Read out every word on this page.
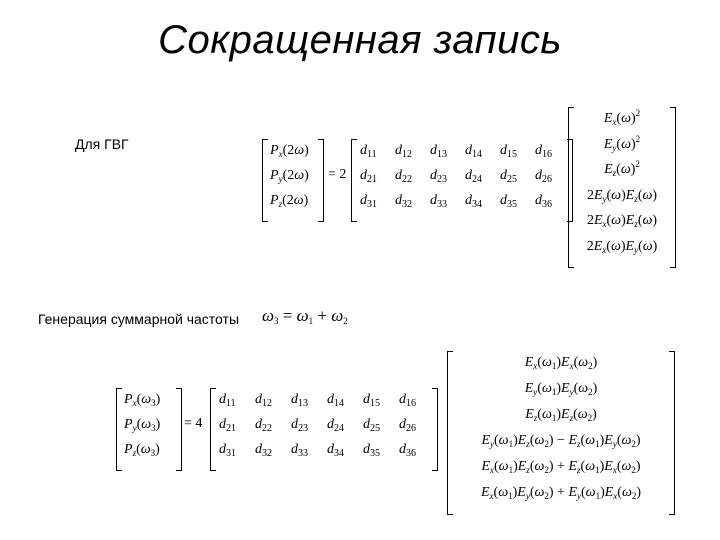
Сокращенная запись
Для ГВГ
Генерация суммарной частоты
$P_x(2\omega)$
$P_y(2\omega)$
$P_z(2\omega)$
= 2
$d_{11}$ $d_{12}$ $d_{13}$ $d_{14}$ $d_{15}$ $d_{16}$
$d_{21}$ $d_{22}$ $d_{23}$ $d_{24}$ $d_{25}$ $d_{26}$
$d_{31}$ $d_{32}$ $d_{33}$ $d_{34}$ $d_{35}$ $d_{36}$
$E_x(\omega)^2$
$E_y(\omega)^2$
$E_z(\omega)^2$
$2E_y(\omega)E_z(\omega)$
$2E_x(\omega)E_z(\omega)$
$2E_x(\omega)E_y(\omega)$
$P_x(\omega_3)$
$P_y(\omega_3)$
$P_z(\omega_3)$
= 4
$d_{11}$ $d_{12}$ $d_{13}$ $d_{14}$ $d_{15}$ $d_{16}$
$d_{21}$ $d_{22}$ $d_{23}$ $d_{24}$ $d_{25}$ $d_{26}$
$d_{31}$ $d_{32}$ $d_{33}$ $d_{34}$ $d_{35}$ $d_{36}$
$E_x(\omega_1)E_x(\omega_2)$
$E_y(\omega_1)E_y(\omega_2)$
$E_z(\omega_1)E_z(\omega_2)$
$E_y(\omega_1)E_z(\omega_2) - E_z(\omega_1)E_y(\omega_2)$
$E_x(\omega_1)E_z(\omega_2) + E_z(\omega_1)E_x(\omega_2)$
$E_x(\omega_1)E_y(\omega_2) + E_y(\omega_1)E_x(\omega_2)$
ω3 = ω1 + ω2
